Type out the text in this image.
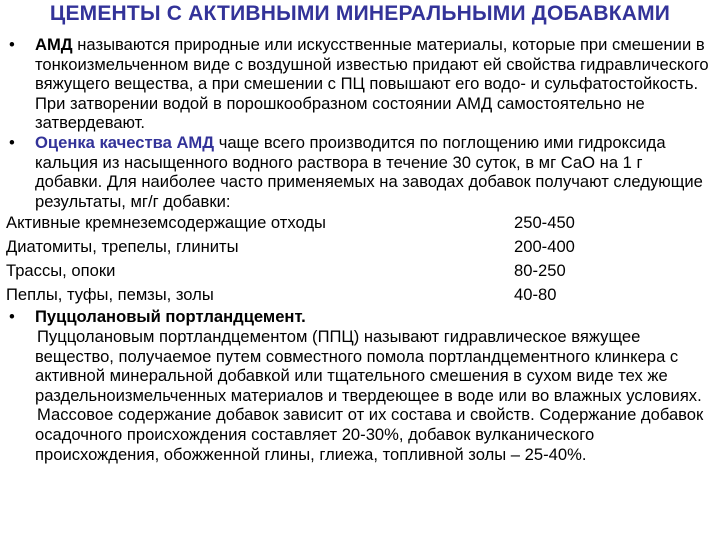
ЦЕМЕНТЫ С АКТИВНЫМИ МИНЕРАЛЬНЫМИ ДОБАВКАМИ

• АМД называются природные или искусственные материалы, которые при смешении в тонкоизмельченном виде с воздушной известью придают ей свойства гидравлического вяжущего вещества, а при смешении с ПЦ повышают его водо- и сульфатостойкость. При затворении водой в порошкообразном состоянии АМД самостоятельно не затвердевают.

• Оценка качества АМД чаще всего производится по поглощению ими гидроксида кальция из насыщенного водного раствора в течение 30 суток, в мг СаО на 1 г добавки. Для наиболее часто применяемых на заводах добавок получают следующие результаты, мг/г добавки:

Активные кремнеземсодержащие отходы	250-450
Диатомиты, трепелы, глиниты	200-400
Трассы, опоки	80-250
Пеплы, туфы, пемзы, золы	40-80

• Пуццолановый портландцемент.

Пуццолановым портландцементом (ППЦ) называют гидравлическое вяжущее вещество, получаемое путем совместного помола портландцементного клинкера с активной минеральной добавкой или тщательного смешения в сухом виде тех же раздельноизмельченных материалов и твердеющее в воде или во влажных условиях.

Массовое содержание добавок зависит от их состава и свойств. Содержание добавок осадочного происхождения составляет 20-30%, добавок вулканического происхождения, обожженной глины, глиежа, топливной золы – 25-40%.
